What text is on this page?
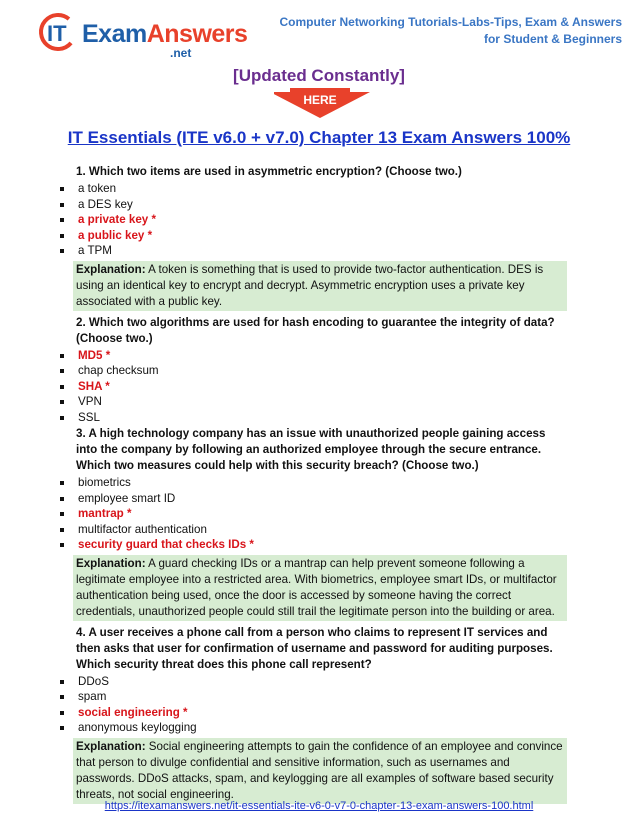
IT ExamAnswers
.net
Computer Networking Tutorials-Labs-Tips, Exam & Answers
for Student & Beginners
[Updated Constantly]
HERE
IT Essentials (ITE v6.0 + v7.0) Chapter 13 Exam Answers 100%
1. Which two items are used in asymmetric encryption? (Choose two.)
a token
a DES key
a private key *
a public key *
a TPM
Explanation: A token is something that is used to provide two-factor authentication. DES is using an identical key to encrypt and decrypt. Asymmetric encryption uses a private key associated with a public key.
2. Which two algorithms are used for hash encoding to guarantee the integrity of data? (Choose two.)
MD5 *
chap checksum
SHA *
VPN
SSL
3. A high technology company has an issue with unauthorized people gaining access into the company by following an authorized employee through the secure entrance. Which two measures could help with this security breach? (Choose two.)
biometrics
employee smart ID
mantrap *
multifactor authentication
security guard that checks IDs *
Explanation: A guard checking IDs or a mantrap can help prevent someone following a legitimate employee into a restricted area. With biometrics, employee smart IDs, or multifactor authentication being used, once the door is accessed by someone having the correct credentials, unauthorized people could still trail the legitimate person into the building or area.
4. A user receives a phone call from a person who claims to represent IT services and then asks that user for confirmation of username and password for auditing purposes. Which security threat does this phone call represent?
DDoS
spam
social engineering *
anonymous keylogging
Explanation: Social engineering attempts to gain the confidence of an employee and convince that person to divulge confidential and sensitive information, such as usernames and passwords. DDoS attacks, spam, and keylogging are all examples of software based security threats, not social engineering.
https://itexamanswers.net/it-essentials-ite-v6-0-v7-0-chapter-13-exam-answers-100.html
